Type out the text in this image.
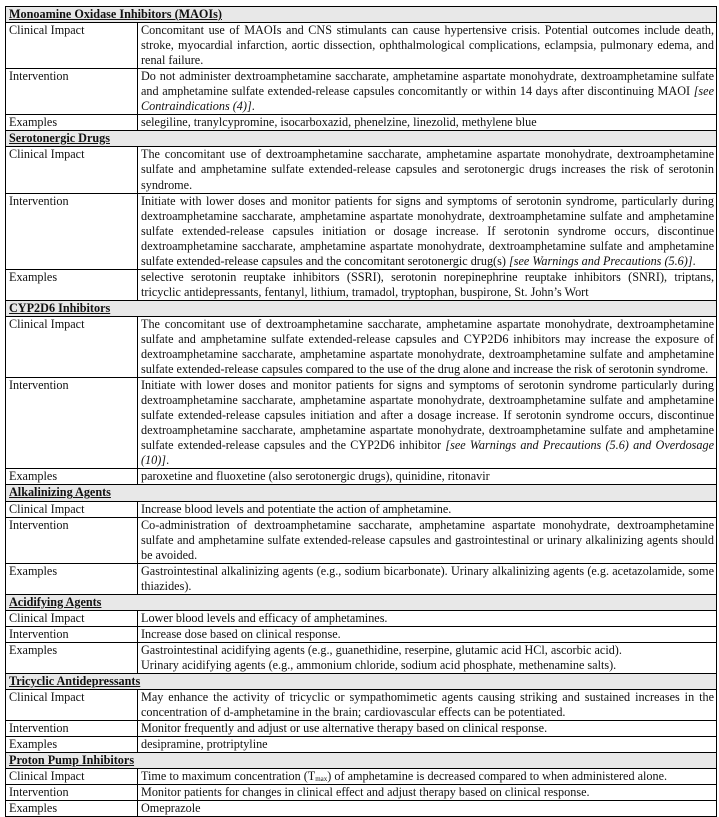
Monoamine Oxidase Inhibitors (MAOIs)	
Clinical Impact	Concomitant use of MAOIs and CNS stimulants can cause hypertensive crisis. Potential outcomes include death, stroke, myocardial infarction, aortic dissection, ophthalmological complications, eclampsia, pulmonary edema, and renal failure.
Intervention	Do not administer dextroamphetamine saccharate, amphetamine aspartate monohydrate, dextroamphetamine sulfate and amphetamine sulfate extended-release capsules concomitantly or within 14 days after discontinuing MAOI [see Contraindications (4)].
Examples	selegiline, tranylcypromine, isocarboxazid, phenelzine, linezolid, methylene blue
Serotonergic Drugs	
Clinical Impact	The concomitant use of dextroamphetamine saccharate, amphetamine aspartate monohydrate, dextroamphetamine sulfate and amphetamine sulfate extended-release capsules and serotonergic drugs increases the risk of serotonin syndrome.
Intervention	Initiate with lower doses and monitor patients for signs and symptoms of serotonin syndrome, particularly during dextroamphetamine saccharate, amphetamine aspartate monohydrate, dextroamphetamine sulfate and amphetamine sulfate extended-release capsules initiation or dosage increase. If serotonin syndrome occurs, discontinue dextroamphetamine saccharate, amphetamine aspartate monohydrate, dextroamphetamine sulfate and amphetamine sulfate extended-release capsules and the concomitant serotonergic drug(s) [see Warnings and Precautions (5.6)].
Examples	selective serotonin reuptake inhibitors (SSRI), serotonin norepinephrine reuptake inhibitors (SNRI), triptans, tricyclic antidepressants, fentanyl, lithium, tramadol, tryptophan, buspirone, St. John’s Wort
CYP2D6 Inhibitors	
Clinical Impact	The concomitant use of dextroamphetamine saccharate, amphetamine aspartate monohydrate, dextroamphetamine sulfate and amphetamine sulfate extended-release capsules and CYP2D6 inhibitors may increase the exposure of dextroamphetamine saccharate, amphetamine aspartate monohydrate, dextroamphetamine sulfate and amphetamine sulfate extended-release capsules compared to the use of the drug alone and increase the risk of serotonin syndrome.
Intervention	Initiate with lower doses and monitor patients for signs and symptoms of serotonin syndrome particularly during dextroamphetamine saccharate, amphetamine aspartate monohydrate, dextroamphetamine sulfate and amphetamine sulfate extended-release capsules initiation and after a dosage increase. If serotonin syndrome occurs, discontinue dextroamphetamine saccharate, amphetamine aspartate monohydrate, dextroamphetamine sulfate and amphetamine sulfate extended-release capsules and the CYP2D6 inhibitor [see Warnings and Precautions (5.6) and Overdosage (10)].
Examples	paroxetine and fluoxetine (also serotonergic drugs), quinidine, ritonavir
Alkalinizing Agents	
Clinical Impact	Increase blood levels and potentiate the action of amphetamine.
Intervention	Co-administration of dextroamphetamine saccharate, amphetamine aspartate monohydrate, dextroamphetamine sulfate and amphetamine sulfate extended-release capsules and gastrointestinal or urinary alkalinizing agents should be avoided.
Examples	Gastrointestinal alkalinizing agents (e.g., sodium bicarbonate). Urinary alkalinizing agents (e.g. acetazolamide, some thiazides).
Acidifying Agents	
Clinical Impact	Lower blood levels and efficacy of amphetamines.
Intervention	Increase dose based on clinical response.
Examples	Gastrointestinal acidifying agents (e.g., guanethidine, reserpine, glutamic acid HCl, ascorbic acid).
Urinary acidifying agents (e.g., ammonium chloride, sodium acid phosphate, methenamine salts).

Tricyclic Antidepressants	
Clinical Impact	May enhance the activity of tricyclic or sympathomimetic agents causing striking and sustained increases in the concentration of d-amphetamine in the brain; cardiovascular effects can be potentiated.
Intervention	Monitor frequently and adjust or use alternative therapy based on clinical response.
Examples	desipramine, protriptyline
Proton Pump Inhibitors	
Clinical Impact	Time to maximum concentration $(T_{max})$ of amphetamine is decreased compared to when administered alone.
Intervention	Monitor patients for changes in clinical effect and adjust therapy based on clinical response.
Examples	Omeprazole
